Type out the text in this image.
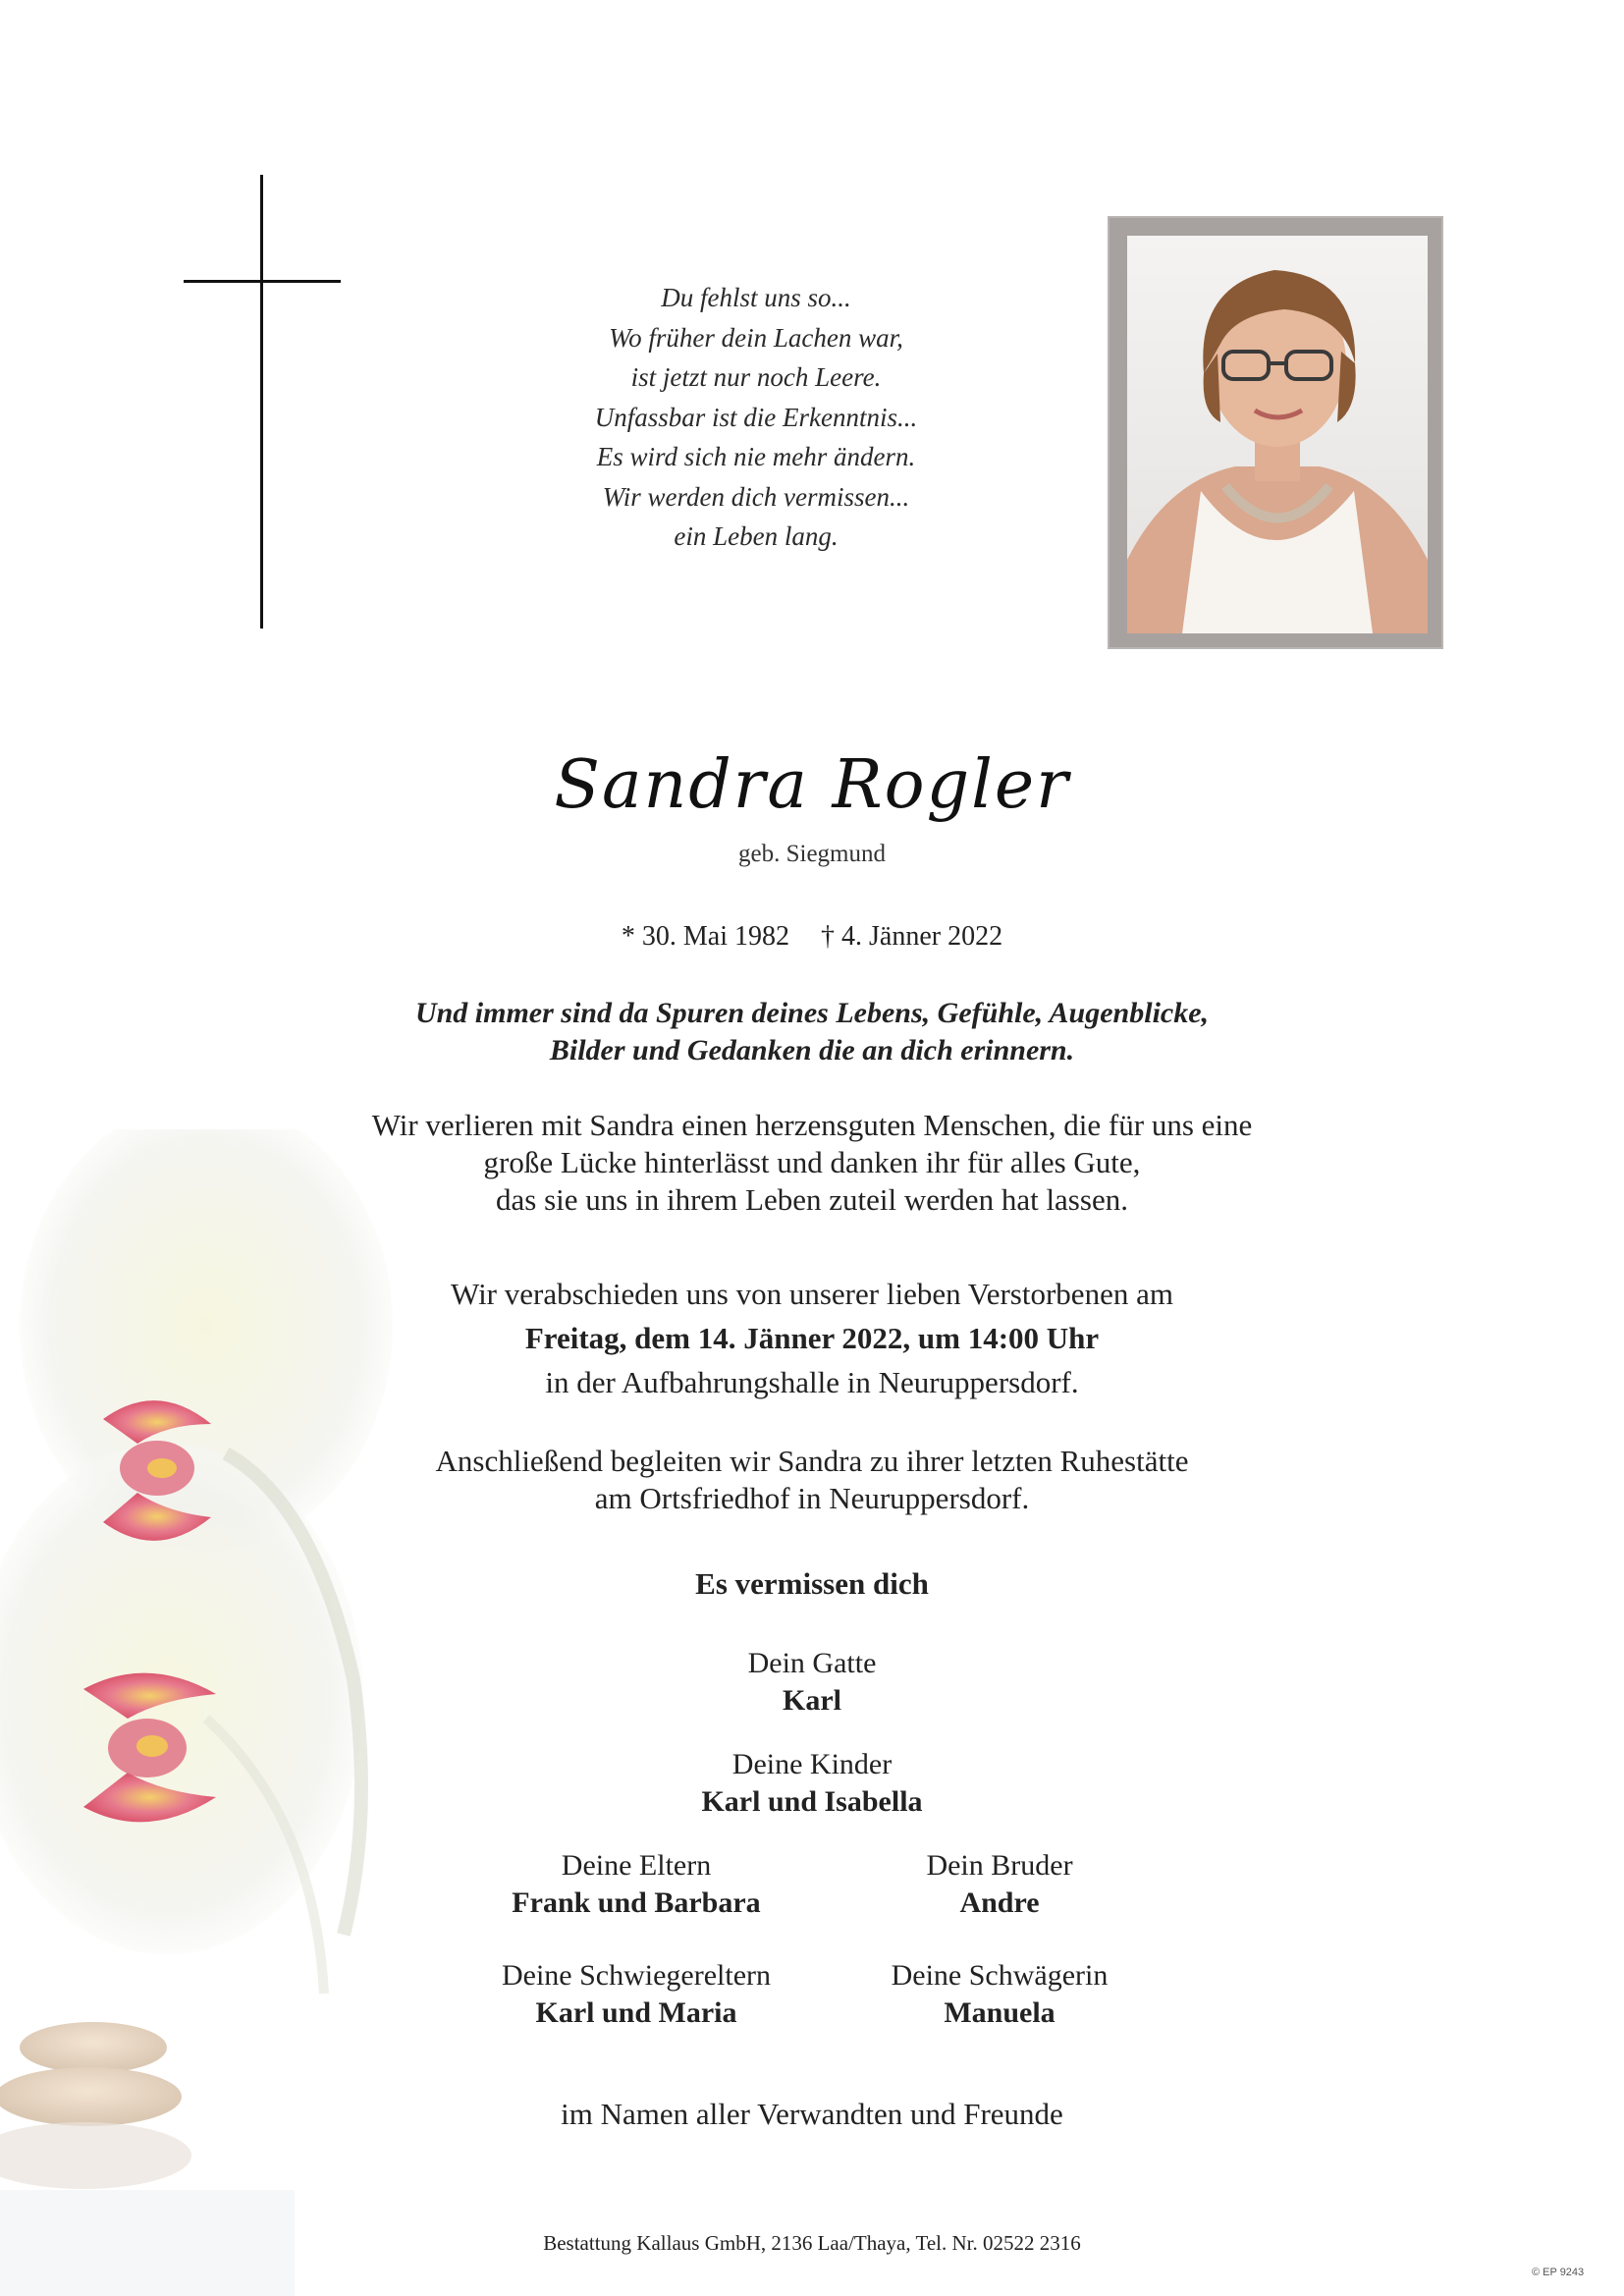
Du fehlst uns so...
Wo früher dein Lachen war,
ist jetzt nur noch Leere.
Unfassbar ist die Erkenntnis...
Es wird sich nie mehr ändern.
Wir werden dich vermissen...
ein Leben lang.
Sandra Rogler
geb. Siegmund
* 30. Mai 1982 † 4. Jänner 2022
Und immer sind da Spuren deines Lebens, Gefühle, Augenblicke,
Bilder und Gedanken die an dich erinnern.
Wir verlieren mit Sandra einen herzensguten Menschen, die für uns eine
große Lücke hinterlässt und danken ihr für alles Gute,
das sie uns in ihrem Leben zuteil werden hat lassen.
Wir verabschieden uns von unserer lieben Verstorbenen am
Freitag, dem 14. Jänner 2022, um 14:00 Uhr
in der Aufbahrungshalle in Neuruppersdorf.
Anschließend begleiten wir Sandra zu ihrer letzten Ruhestätte
am Ortsfriedhof in Neuruppersdorf.
Es vermissen dich
Dein Gatte
Karl
Deine Kinder
Karl und Isabella
Deine Eltern
Frank und Barbara
Dein Bruder
Andre
Deine Schwiegereltern
Karl und Maria
Deine Schwägerin
Manuela
im Namen aller Verwandten und Freunde
Bestattung Kallaus GmbH, 2136 Laa/Thaya, Tel. Nr. 02522 2316
© EP 9243
